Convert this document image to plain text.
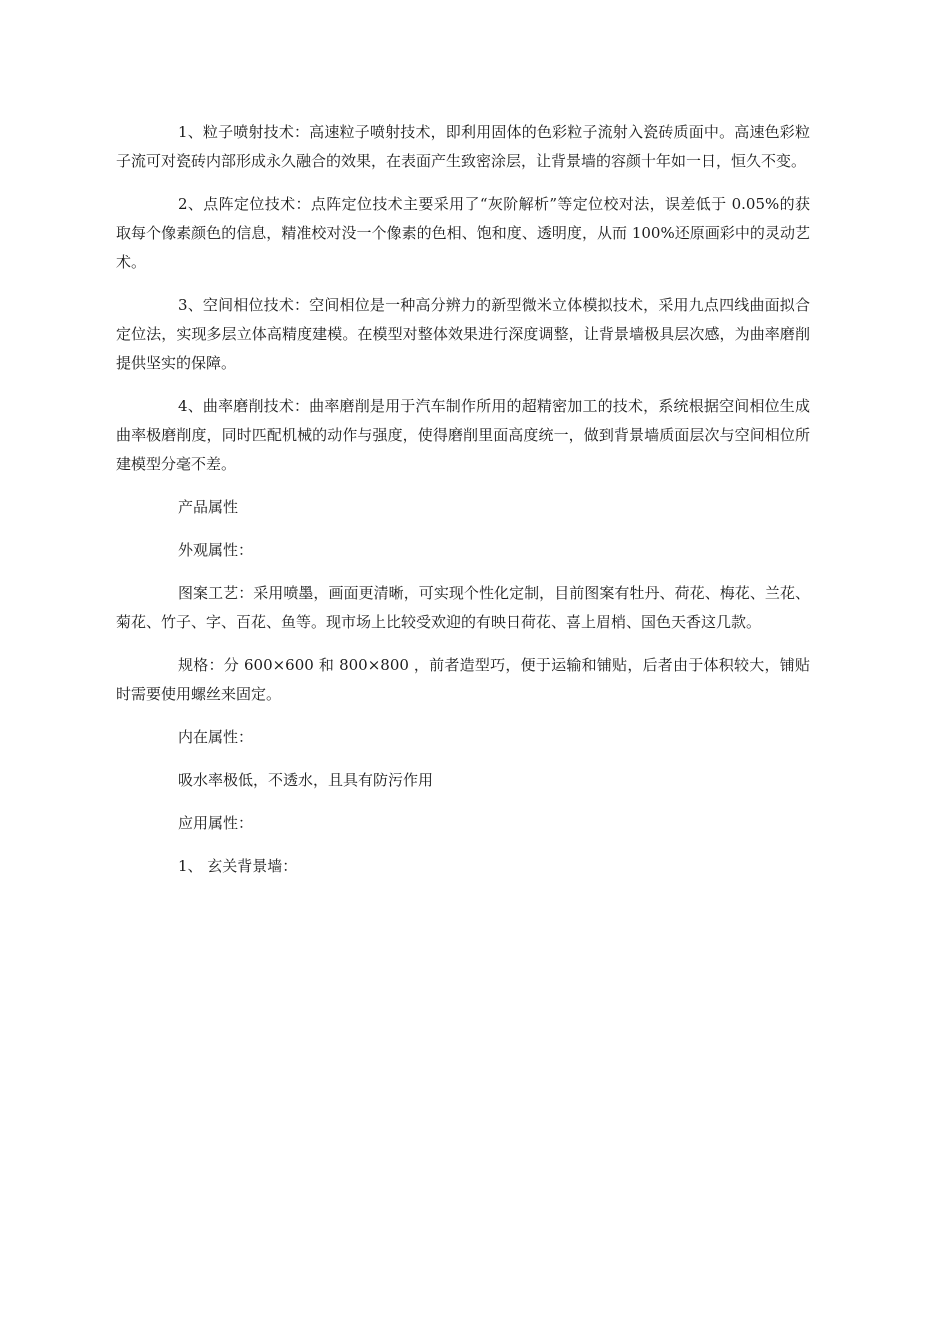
1、粒子喷射技术：高速粒子喷射技术，即利用固体的色彩粒子流射入瓷砖质面中。高速色彩粒子流可对瓷砖内部形成永久融合的效果，在表面产生致密涂层，让背景墙的容颜十年如一日，恒久不变。

2、点阵定位技术：点阵定位技术主要采用了“灰阶解析”等定位校对法，误差低于 0.05%的获取每个像素颜色的信息，精准校对没一个像素的色相、饱和度、透明度，从而 100%还原画彩中的灵动艺术。

3、空间相位技术：空间相位是一种高分辨力的新型微米立体模拟技术，采用九点四线曲面拟合定位法，实现多层立体高精度建模。在模型对整体效果进行深度调整，让背景墙极具层次感，为曲率磨削提供坚实的保障。

4、曲率磨削技术：曲率磨削是用于汽车制作所用的超精密加工的技术，系统根据空间相位生成曲率极磨削度，同时匹配机械的动作与强度，使得磨削里面高度统一，做到背景墙质面层次与空间相位所建模型分毫不差。

产品属性

外观属性：

图案工艺：采用喷墨，画面更清晰，可实现个性化定制，目前图案有牡丹、荷花、梅花、兰花、菊花、竹子、字、百花、鱼等。现市场上比较受欢迎的有映日荷花、喜上眉梢、国色天香这几款。

规格：分 600×600 和 800×800 ，前者造型巧，便于运输和铺贴，后者由于体积较大，铺贴时需要使用螺丝来固定。

内在属性：

吸水率极低，不透水，且具有防污作用

应用属性：

1、 玄关背景墙：
